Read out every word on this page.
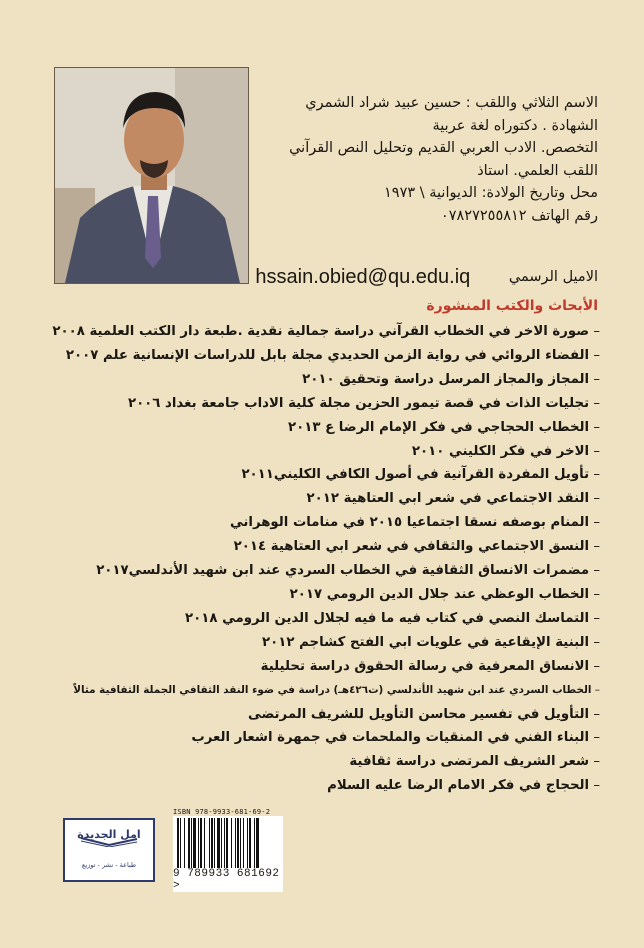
الاسم الثلاثي واللقب : حسين عبيد شراد الشمري
الشهادة . دكتوراه لغة عربية
التخصص. الادب العربي القديم وتحليل النص القرآني
اللقب العلمي. استاذ
محل وتاريخ الولادة: الديوانية \ ١٩٧٣
رقم الهاتف ٠٧٨٢٧٢٥٥٨١٢
الاميل الرسمي hssain.obied@qu.edu.iq
الأبحاث والكتب المنشورة
– صورة الاخر في الخطاب القرآني دراسة جمالية نقدية .طبعة دار الكتب العلمية ٢٠٠٨
– الفضاء الروائي في رواية الزمن الحديدي مجلة بابل للدراسات الإنسانية علم ٢٠٠٧
– المجاز والمجاز المرسل دراسة وتحقيق ٢٠١٠
– تجليات الذات في قصة تيمور الحزين مجلة كلية الاداب جامعة بغداد ٢٠٠٦
– الخطاب الحجاجي في فكر الإمام الرضا ع ٢٠١٣
– الاخر في فكر الكليني ٢٠١٠
– تأويل المفردة القرآنية في أصول الكافي الكليني٢٠١١
– النقد الاجتماعي في شعر ابي العتاهية ٢٠١٢
– المنام بوصفه نسقا اجتماعيا ٢٠١٥ في منامات الوهراني
– النسق الاجتماعي والثقافي في شعر ابي العتاهية ٢٠١٤
– مضمرات الانساق الثقافية في الخطاب السردي عند ابن شهيد الأندلسي٢٠١٧
– الخطاب الوعظي عند جلال الدين الرومي ٢٠١٧
– التماسك النصي في كتاب فيه ما فيه لجلال الدين الرومي ٢٠١٨
– البنية الإيقاعية في علويات ابي الفتح كشاجم ٢٠١٢
– الانساق المعرفية في رسالة الحقوق دراسة تحليلية
– الخطاب السردي عند ابن شهيد الأندلسي (ت٤٢٦هـ) دراسة في ضوء النقد الثقافي الجملة الثقافية مثالاً
– التأويل في تفسير محاسن التأويل للشريف المرتضى
– البناء الفني في المنقيات والملحمات في جمهرة اشعار العرب
– شعر الشريف المرتضى دراسة ثقافية
– الحجاج في فكر الامام الرضا عليه السلام
امل الجديدة
طباعة - نشر - توزيع
ISBN 978-9933-681-69-2
9 789933 681692 >
